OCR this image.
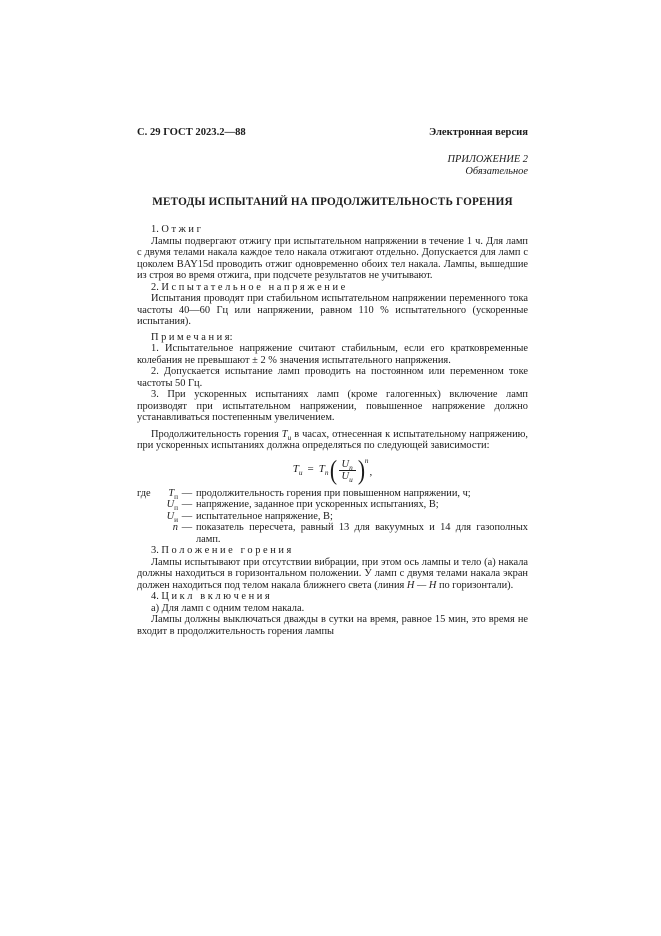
С. 29 ГОСТ 2023.2—88	Электронная версия
ПРИЛОЖЕНИЕ 2
Обязательное
МЕТОДЫ ИСПЫТАНИЙ НА ПРОДОЛЖИТЕЛЬНОСТЬ ГОРЕНИЯ

1. О т ж и г

Лампы подвергают отжигу при испытательном напряжении в течение 1 ч. Для ламп с двумя телами накала каждое тело накала отжигают отдельно. Допускается для ламп с цоколем BAY15d проводить отжиг одновременно обоих тел накала. Лампы, вышедшие из строя во время отжига, при подсчете результатов не учитывают.

2. И с п ы т а т е л ь н о е   н а п р я ж е н и е

Испытания проводят при стабильном испытательном напряжении переменного тока частоты 40—60 Гц или напряжении, равном 110 % испытательного (ускоренные испытания).

П р и м е ч а н и я:

1. Испытательное напряжение считают стабильным, если его кратковременные колебания не превышают ± 2 % значения испытательного напряжения.

2. Допускается испытание ламп проводить на постоянном или переменном токе частоты 50 Гц.

3. При ускоренных испытаниях ламп (кроме галогенных) включение ламп производят при испытательном напряжении, повышенное напряжение должно устанавливаться постепенным увеличением.

Продолжительность горения $Т_и$ в часах, отнесенная к испытательному напряжению, при ускоренных испытаниях должна определяться по следующей зависимости:

$Т_и = Т_п$ ( $\frac{U_п}{U_и} )^n$
,
где	$Т_п$ — продолжительность горения при повышенном напряжении, ч;
$U_п$ — напряжение, заданное при ускоренных испытаниях, В;
$U_и$ — испытательное напряжение, В;
n — показатель пересчета, равный 13 для вакуумных и 14 для газополных ламп.

3. П о л о ж е н и е   г о р е н и я

Лампы испытывают при отсутствии вибрации, при этом ось лампы и тело (а) накала должны находиться в горизонтальном положении. У ламп с двумя телами накала экран должен находиться под телом накала ближнего света (линия Н — Н по горизонтали).

4. Ц и к л   в к л ю ч е н и я

а) Для ламп с одним телом накала.

Лампы должны выключаться дважды в сутки на время, равное 15 мин, это время не входит в продолжительность горения лампы
